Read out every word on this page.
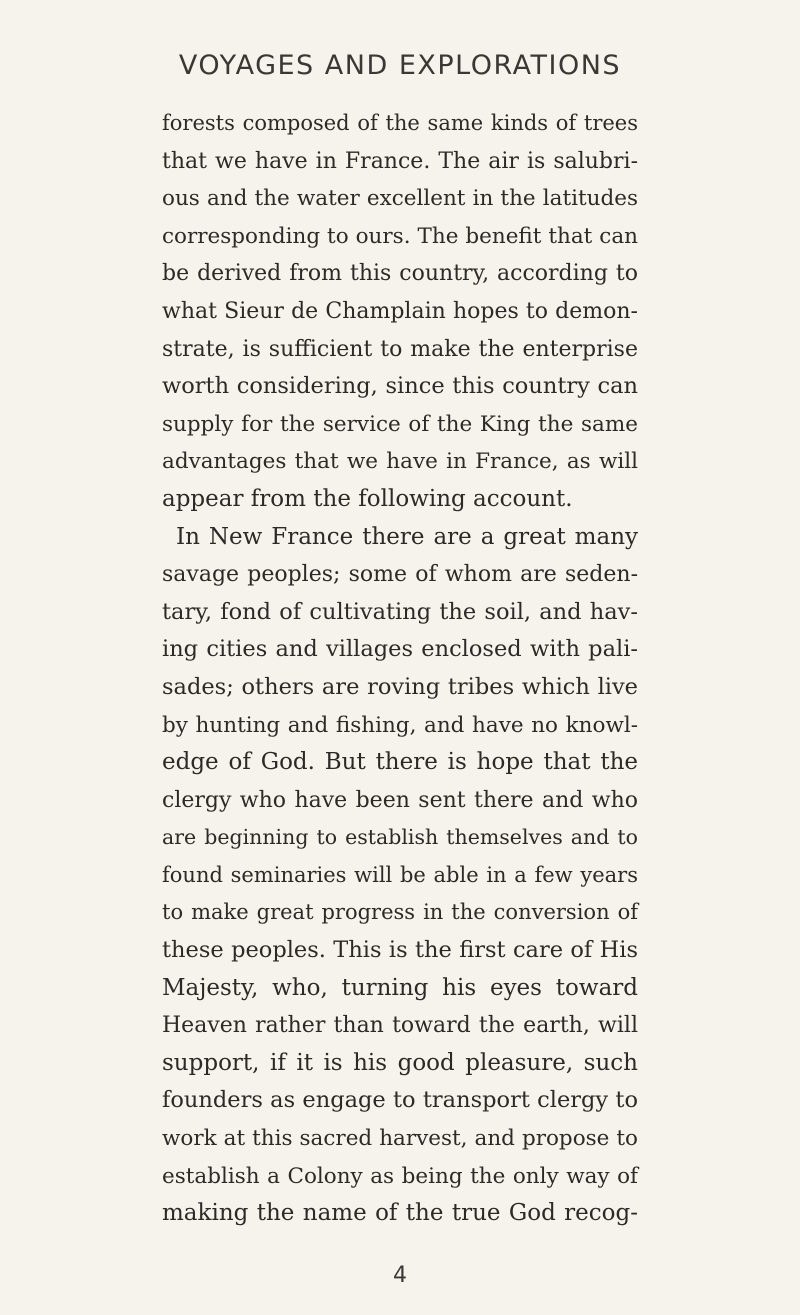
VOYAGES AND EXPLORATIONS
forests composed of the same kinds of trees
that we have in France. The air is salubri-
ous and the water excellent in the latitudes
corresponding to ours. The benefit that can
be derived from this country, according to
what Sieur de Champlain hopes to demon-
strate, is sufficient to make the enterprise
worth considering, since this country can
supply for the service of the King the same
advantages that we have in France, as will
appear from the following account.
In New France there are a great many
savage peoples; some of whom are seden-
tary, fond of cultivating the soil, and hav-
ing cities and villages enclosed with pali-
sades; others are roving tribes which live
by hunting and fishing, and have no knowl-
edge of God. But there is hope that the
clergy who have been sent there and who
are beginning to establish themselves and to
found seminaries will be able in a few years
to make great progress in the conversion of
these peoples. This is the first care of His
Majesty, who, turning his eyes toward
Heaven rather than toward the earth, will
support, if it is his good pleasure, such
founders as engage to transport clergy to
work at this sacred harvest, and propose to
establish a Colony as being the only way of
making the name of the true God recog-
4
